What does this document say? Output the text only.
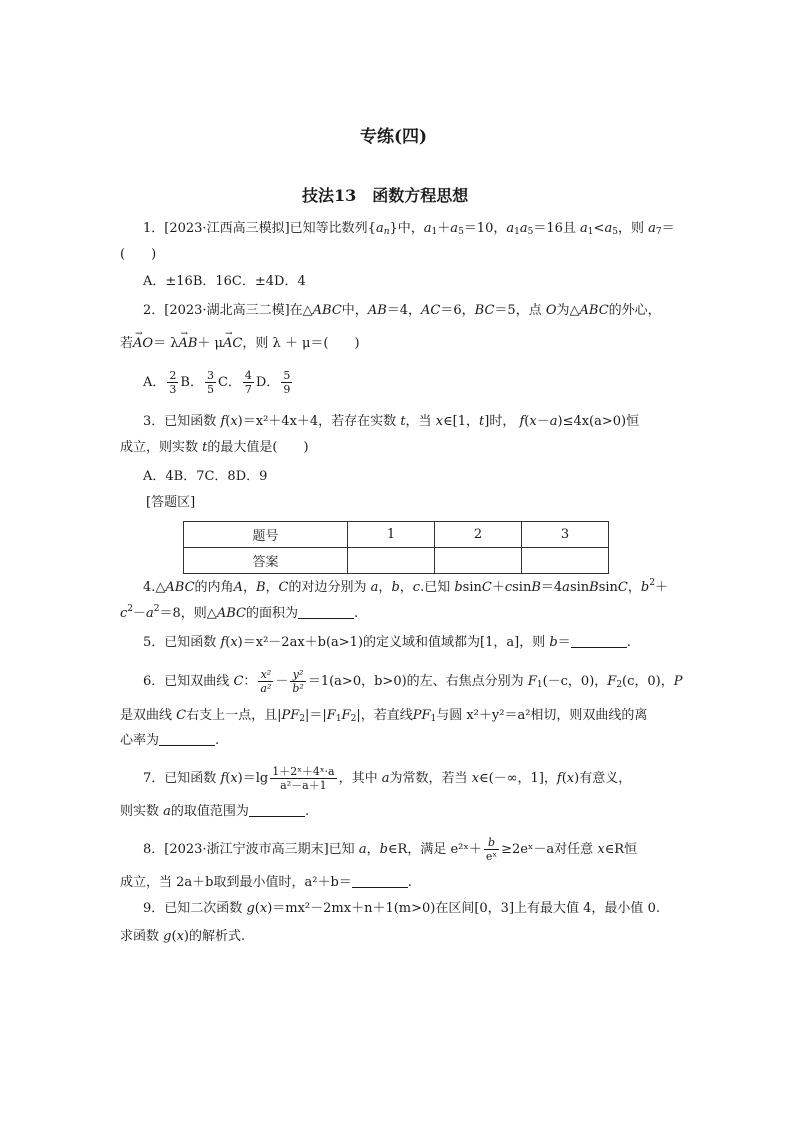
专练(四)
技法13　函数方程思想
1．[2023·江西高三模拟]已知等比数列$\{a_n\}$中，$a_1+a_5=10$，$a_1a_5=16$且 $a_1<a_5$，则 $a_7=$
(　　)
A．±16B．16C．±4D．4
2．[2023·湖北高三二模]在△ABC中，AB＝4，AC＝6，BC＝5，点 O为△ABC的外心，
若→ AO＝ λ→ AB＋ μ→ AC，则 λ ＋ μ＝(　　)
A． $\frac{2}{3}$ B． $\frac{3}{5}$ C． $\frac{4}{7}$ D． $\frac{5}{9}$
3．已知函数 f(x)＝x²＋4x＋4，若存在实数 t，当 x∈[1，t]时， f(x－a)≤4x(a>0)恒
成立，则实数 t的最大值是(　　)
A．4B．7C．8D．9
[答题区]
题号	1	2	3
答案			
4.△ABC的内角A，B，C的对边分别为 a，b，c.已知 bsinC＋csinB＝4asinBsinC，$b^2+$
$c^2-a^2=8$，则△ABC的面积为	.
5．已知函数 f(x)＝x²－2ax＋b(a>1)的定义域和值域都为[1，a]，则 b＝	.
6．已知双曲线 C： $\frac{\text{x²}}{\text{a²}} - \frac{\text{y²}}{\text{b²}} =1(a>0$，b>0)的左、右焦点分别为 $F_1(-c$，0)，$F_2(c$，0)，P
是双曲线 C右支上一点，且$|PF_2|=|F_1F_2|$，若直线$PF_1$与圆 x²＋y²＝a²相切，则双曲线的离
心率为	.
7．已知函数 $f(x)=\lg \frac{\text{1＋2ˣ＋4ˣ·a}}{\text{a²－a＋1}}$ ，其中 a为常数，若当 x∈(－∞，1]，f(x)有意义，
则实数 a的取值范围为	.
8．[2023·浙江宁波市高三期末]已知 a，b∈R，满足 e²ˣ＋ $\frac{b}{\text{eˣ}}$ ≥2eˣ－a对任意 x∈R恒
成立，当 2a＋b取到最小值时，a²＋b＝	.
9．已知二次函数 g(x)＝mx²－2mx＋n＋1(m>0)在区间[0，3]上有最大值 4，最小值 0.
求函数 g(x)的解析式.
